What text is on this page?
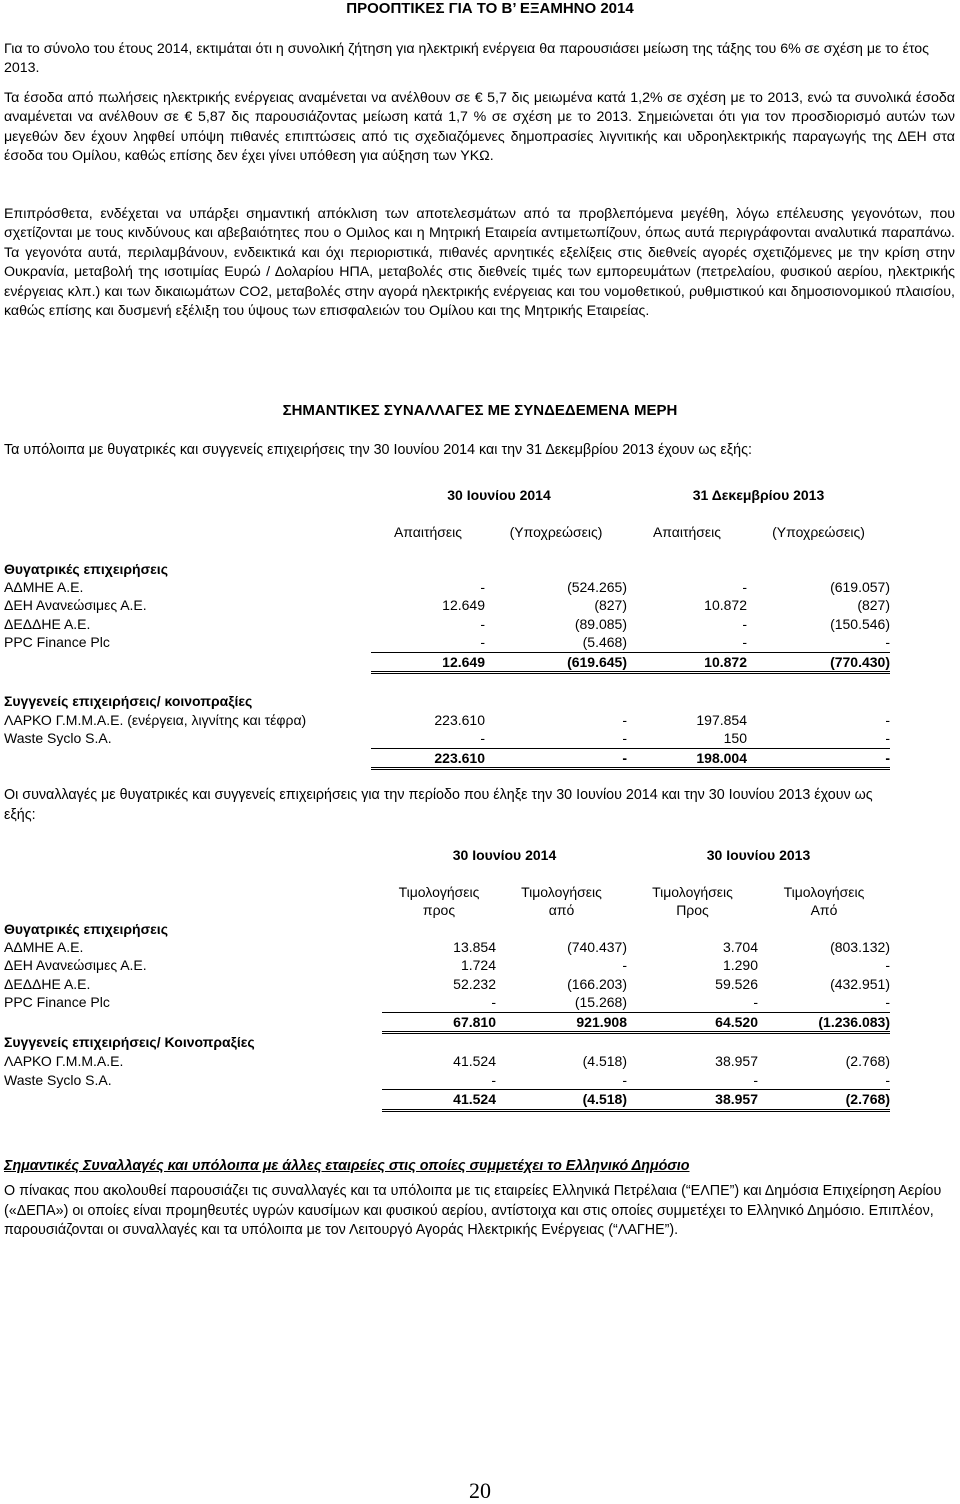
ΠΡΟΟΠΤΙΚΕΣ ΓΙΑ ΤΟ Β’ ΕΞΑΜΗΝΟ 2014
Για το σύνολο του έτους 2014, εκτιμάται ότι η συνολική ζήτηση για ηλεκτρική ενέργεια θα παρουσιάσει μείωση της τάξης του 6% σε σχέση με το έτος 2013.
Τα έσοδα από πωλήσεις ηλεκτρικής ενέργειας αναμένεται να ανέλθουν σε € 5,7 δις μειωμένα κατά 1,2% σε σχέση με το 2013, ενώ τα συνολικά έσοδα αναμένεται να ανέλθουν σε € 5,87 δις παρουσιάζοντας μείωση κατά 1,7 % σε σχέση με το 2013. Σημειώνεται ότι για τον προσδιορισμό αυτών των μεγεθών δεν έχουν ληφθεί υπόψη πιθανές επιπτώσεις από τις σχεδιαζόμενες δημοπρασίες λιγνιτικής και υδροηλεκτρικής παραγωγής της ΔΕΗ στα έσοδα του Ομίλου, καθώς επίσης δεν έχει γίνει υπόθεση για αύξηση των ΥΚΩ.
Επιπρόσθετα, ενδέχεται να υπάρξει σημαντική απόκλιση των αποτελεσμάτων από τα προβλεπόμενα μεγέθη, λόγω επέλευσης γεγονότων, που σχετίζονται με τους κινδύνους και αβεβαιότητες που ο Ομιλος και η Μητρική Εταιρεία αντιμετωπίζουν, όπως αυτά περιγράφονται αναλυτικά παραπάνω. Τα γεγονότα αυτά, περιλαμβάνουν, ενδεικτικά και όχι περιοριστικά, πιθανές αρνητικές εξελίξεις στις διεθνείς αγορές σχετιζόμενες με την κρίση στην Ουκρανία, μεταβολή της ισοτιμίας Ευρώ / Δολαρίου ΗΠΑ, μεταβολές στις διεθνείς τιμές των εμπορευμάτων (πετρελαίου, φυσικού αερίου, ηλεκτρικής ενέργειας κλπ.) και των δικαιωμάτων CO2, μεταβολές στην αγορά ηλεκτρικής ενέργειας και του νομοθετικού, ρυθμιστικού και δημοσιονομικού πλαισίου, καθώς επίσης και δυσμενή εξέλιξη του ύψους των επισφαλειών του Ομίλου και της Μητρικής Εταιρείας.
ΣΗΜΑΝΤΙΚΕΣ ΣΥΝΑΛΛΑΓΕΣ ΜΕ ΣΥΝΔΕΔΕΜΕΝΑ ΜΕΡΗ
Τα υπόλοιπα με θυγατρικές και συγγενείς επιχειρήσεις την 30 Ιουνίου 2014 και την 31 Δεκεμβρίου 2013 έχουν ως εξής:
	30 Ιουνίου 2014		31 Δεκεμβρίου 2013	

	Απαιτήσεις	(Υποχρεώσεις)	Απαιτήσεις	(Υποχρεώσεις)

Θυγατρικές επιχειρήσεις				
ΑΔΜΗΕ Α.Ε.	-	(524.265)	-	(619.057)
ΔΕΗ Ανανεώσιμες Α.Ε.	12.649	(827)	10.872	(827)
ΔΕΔΔΗΕ Α.Ε.	-	(89.085)	-	(150.546)
PPC Finance Plc	-	(5.468)	-	-
	12.649	(619.645)	10.872	(770.430)

Συγγενείς επιχειρήσεις/ κοινοπραξίες				
ΛΑΡΚΟ Γ.Μ.Μ.Α.Ε. (ενέργεια, λιγνίτης και τέφρα)	223.610	-	197.854	-
Waste Syclo S.A.	-	-	150	-
	223.610	-	198.004	-
Οι συναλλαγές με θυγατρικές και συγγενείς επιχειρήσεις για την περίοδο που έληξε την 30 Ιουνίου 2014 και την 30 Ιουνίου 2013 έχουν ως εξής:
	30 Ιουνίου 2014		30 Ιουνίου 2013	

	Τιμολογήσεις	Τιμολογήσεις	Τιμολογήσεις	Τιμολογήσεις
	προς	από	Προς	Από
Θυγατρικές επιχειρήσεις				
ΑΔΜΗΕ Α.Ε.	13.854	(740.437)	3.704	(803.132)
ΔΕΗ Ανανεώσιμες Α.Ε.	1.724	-	1.290	-
ΔΕΔΔΗΕ Α.Ε.	52.232	(166.203)	59.526	(432.951)
PPC Finance Plc	-	(15.268)	-	-
	67.810	921.908	64.520	(1.236.083)
Συγγενείς επιχειρήσεις/ Κοινοπραξίες				
ΛΑΡΚΟ Γ.Μ.Μ.Α.Ε.	41.524	(4.518)	38.957	(2.768)
Waste Syclo S.A.	-	-	-	-
	41.524	(4.518)	38.957	(2.768)
Σημαντικές Συναλλαγές και υπόλοιπα με άλλες εταιρείες στις οποίες συμμετέχει το Ελληνικό Δημόσιο
Ο πίνακας που ακολουθεί παρουσιάζει τις συναλλαγές και τα υπόλοιπα με τις εταιρείες Ελληνικά Πετρέλαια (“ΕΛΠΕ”) και Δημόσια Επιχείρηση Αερίου («ΔΕΠΑ») οι οποίες είναι προμηθευτές υγρών καυσίμων και φυσικού αερίου, αντίστοιχα και στις οποίες συμμετέχει το Ελληνικό Δημόσιο. Επιπλέον, παρουσιάζονται οι συναλλαγές και τα υπόλοιπα με τον Λειτουργό Αγοράς Ηλεκτρικής Ενέργειας (“ΛΑΓΗΕ”).
20
